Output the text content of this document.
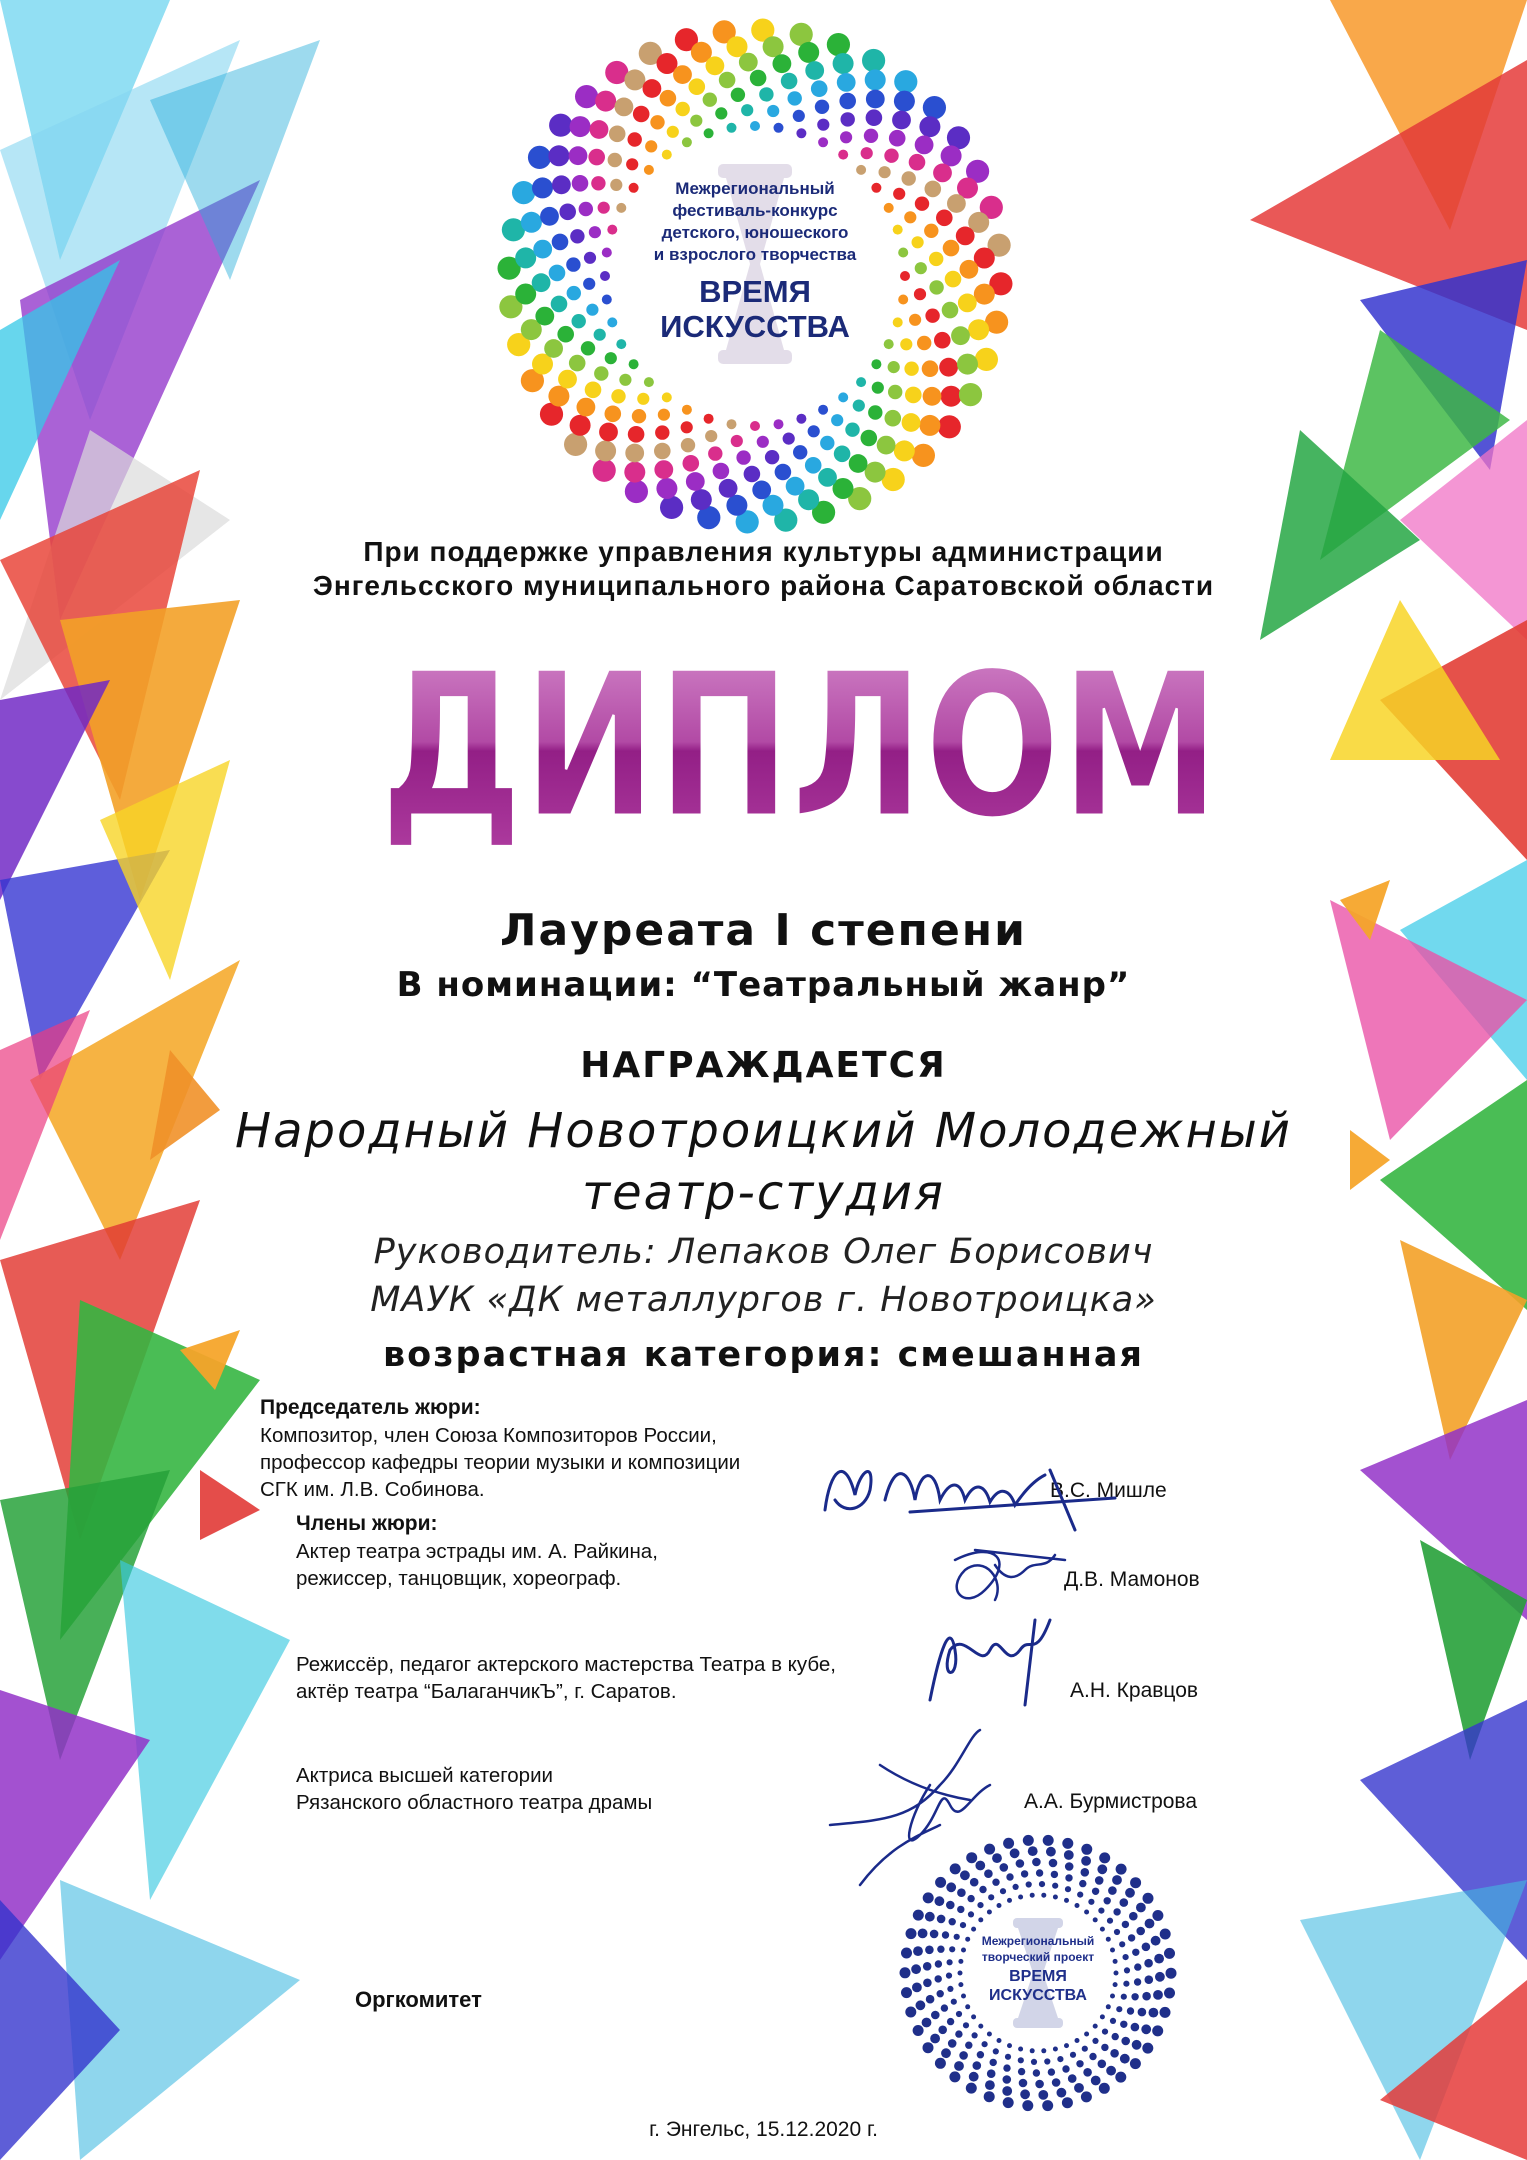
Межрегиональный
фестиваль-конкурс
детского, юношеского
и взрослого творчества
ВРЕМЯ
ИСКУССТВА
При поддержке управления культуры администрации
Энгельсского муниципального района Саратовской области
ДИПЛОМ
Лауреата I степени
В номинации: “Театральный жанр”
НАГРАЖДАЕТСЯ
Народный Новотроицкий Молодежный
театр-студия
Руководитель: Лепаков Олег Борисович
МАУК «ДК металлургов г. Новотроицка»
возрастная категория: смешанная
Председатель жюри:
Композитор, член Союза Композиторов России,
профессор кафедры теории музыки и композиции
СГК им. Л.В. Собинова.	В.С. Мишле
Члены жюри:
Актер театра эстрады им. А. Райкина,
режиссер, танцовщик, хореограф.	Д.В. Мамонов
Режиссёр, педагог актерского мастерства Театра в кубе,
актёр театра “БалаганчикЪ”, г. Саратов.	А.Н. Кравцов
Актриса высшей категории
Рязанского областного театра драмы	А.А. Бурмистрова
Оргкомитет
Межрегиональный
творческий проект
ВРЕМЯ
ИСКУССТВА
г. Энгельс, 15.12.2020 г.
